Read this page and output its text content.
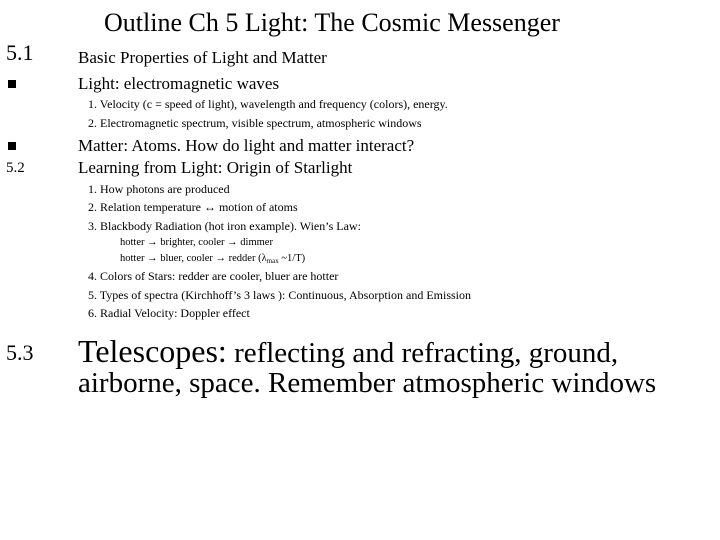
Outline Ch 5 Light: The Cosmic Messenger
5.1	Basic Properties of Light and Matter
Light: electromagnetic waves
1. Velocity (c = speed of light), wavelength and frequency (colors), energy.
2. Electromagnetic spectrum, visible spectrum, atmospheric windows
Matter: Atoms. How do light and matter interact?
5.2	Learning from Light: Origin of Starlight
1. How photons are produced
2. Relation temperature ↔ motion of atoms
3. Blackbody Radiation (hot iron example). Wien’s Law:
hotter → brighter, cooler → dimmer
hotter → bluer, cooler → redder ($\lambda_{max}$ ~1/T)
4. Colors of Stars: redder are cooler, bluer are hotter
5. Types of spectra (Kirchhoff’s 3 laws ): Continuous, Absorption and Emission
6. Radial Velocity: Doppler effect
5.3 Telescopes: reflecting and refracting, ground,
airborne, space. Remember atmospheric windows
